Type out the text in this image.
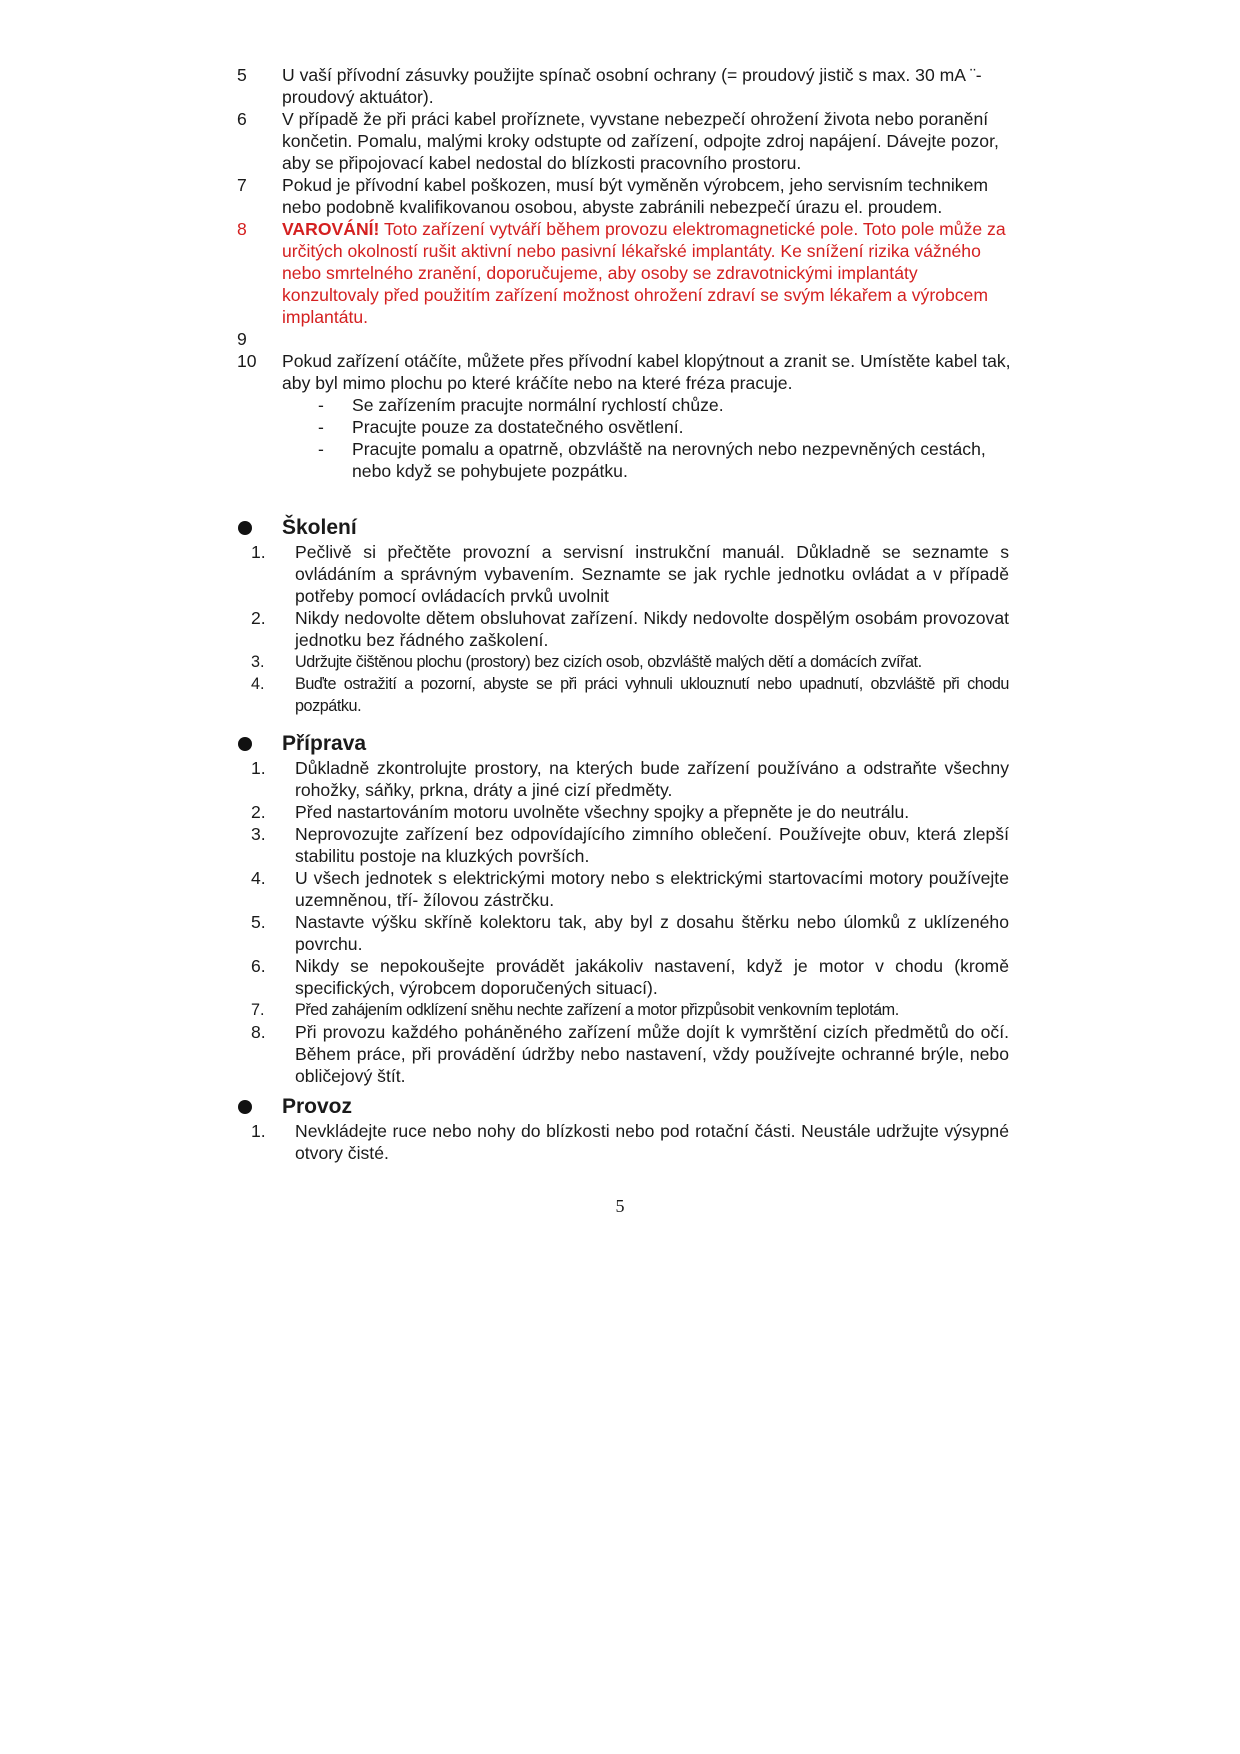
5	U vaší přívodní zásuvky použijte spínač osobní ochrany (= proudový jistič s max. 30 mA ¨- proudový aktuátor).
6	V případě že při práci kabel proříznete, vyvstane nebezpečí ohrožení života nebo poranění končetin. Pomalu, malými kroky odstupte od zařízení, odpojte zdroj napájení. Dávejte pozor, aby se připojovací kabel nedostal do blízkosti pracovního prostoru.
7	Pokud je přívodní kabel poškozen, musí být vyměněn výrobcem, jeho servisním technikem nebo podobně kvalifikovanou osobou, abyste zabránili nebezpečí úrazu el. proudem.
8	VAROVÁNÍ! Toto zařízení vytváří během provozu elektromagnetické pole. Toto pole může za určitých okolností rušit aktivní nebo pasivní lékařské implantáty. Ke snížení rizika vážného nebo smrtelného zranění, doporučujeme, aby osoby se zdravotnickými implantáty konzultovaly před použitím zařízení možnost ohrožení zdraví se svým lékařem a výrobcem implantátu.
9
10	Pokud zařízení otáčíte, můžete přes přívodní kabel klopýtnout a zranit se. Umístěte kabel tak, aby byl mimo plochu po které kráčíte nebo na které fréza pracuje.
-	Se zařízením pracujte normální rychlostí chůze.
-	Pracujte pouze za dostatečného osvětlení.
-	Pracujte pomalu a opatrně, obzvláště na nerovných nebo nezpevněných cestách, nebo když se pohybujete pozpátku.
Školení
1.	Pečlivě si přečtěte provozní a servisní instrukční manuál. Důkladně se seznamte s ovládáním a správným vybavením. Seznamte se jak rychle jednotku ovládat a v případě potřeby pomocí ovládacích prvků uvolnit
2.	Nikdy nedovolte dětem obsluhovat zařízení. Nikdy nedovolte dospělým osobám provozovat jednotku bez řádného zaškolení.
3.	Udržujte čištěnou plochu (prostory) bez cizích osob, obzvláště malých dětí a domácích zvířat.
4.	Buďte ostražití a pozorní, abyste se při práci vyhnuli uklouznutí nebo upadnutí, obzvláště při chodu pozpátku.
Příprava
1.	Důkladně zkontrolujte prostory, na kterých bude zařízení používáno a odstraňte všechny rohožky, sáňky, prkna, dráty a jiné cizí předměty.
2.	Před nastartováním motoru uvolněte všechny spojky a přepněte je do neutrálu.
3.	Neprovozujte zařízení bez odpovídajícího zimního oblečení. Používejte obuv, která zlepší stabilitu postoje na kluzkých površích.
4.	U všech jednotek s elektrickými motory nebo s elektrickými startovacími motory používejte uzemněnou, tří- žílovou zástrčku.
5.	Nastavte výšku skříně kolektoru tak, aby byl z dosahu štěrku nebo úlomků z uklízeného povrchu.
6.	Nikdy se nepokoušejte provádět jakákoliv nastavení, když je motor v chodu (kromě specifických, výrobcem doporučených situací).
7.	Před zahájením odklízení sněhu nechte zařízení a motor přizpůsobit venkovním teplotám.
8.	Při provozu každého poháněného zařízení může dojít k vymrštění cizích předmětů do očí. Během práce, při provádění údržby nebo nastavení, vždy používejte ochranné brýle, nebo obličejový štít.
Provoz
1.	Nevkládejte ruce nebo nohy do blízkosti nebo pod rotační části. Neustále udržujte výsypné otvory čisté.
5
